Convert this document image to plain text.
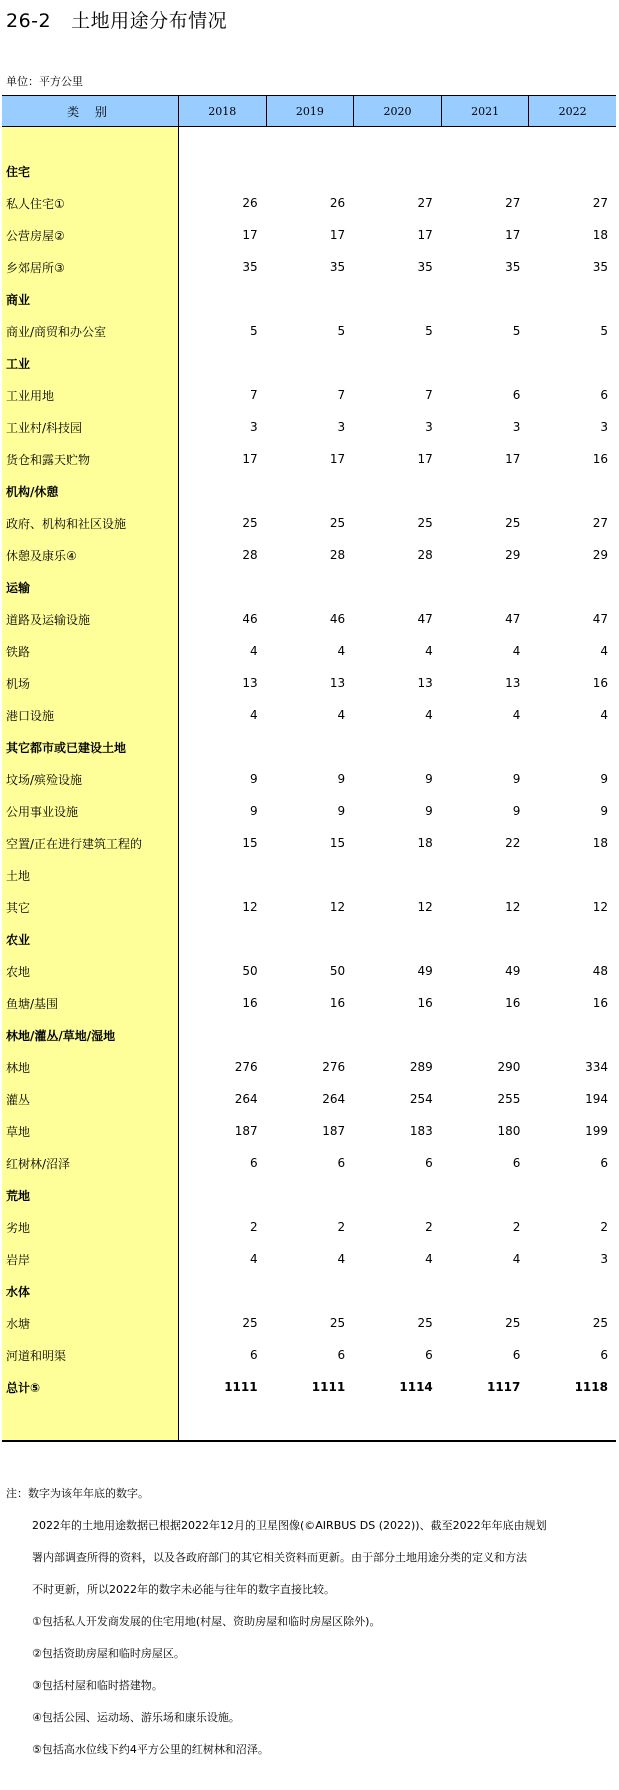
26-2 土地用途分布情况
单位：平方公里
类 别	2018	2019	2020	2021	2022
住宅
私人住宅①	26	26	27	27	27
公营房屋②	17	17	17	17	18
乡郊居所③	35	35	35	35	35
商业
商业/商贸和办公室	5	5	5	5	5
工业
工业用地	7	7	7	6	6
工业村/科技园	3	3	3	3	3
货仓和露天贮物	17	17	17	17	16
机构/休憩
政府、机构和社区设施	25	25	25	25	27
休憩及康乐④	28	28	28	29	29
运输
道路及运输设施	46	46	47	47	47
铁路	4	4	4	4	4
机场	13	13	13	13	16
港口设施	4	4	4	4	4
其它都市或已建设土地
坟场/殡殓设施	9	9	9	9	9
公用事业设施	9	9	9	9	9
空置/正在进行建筑工程的	15	15	18	22	18
土地
其它	12	12	12	12	12
农业
农地	50	50	49	49	48
鱼塘/基围	16	16	16	16	16
林地/灌丛/草地/湿地
林地	276	276	289	290	334
灌丛	264	264	254	255	194
草地	187	187	183	180	199
红树林/沼泽	6	6	6	6	6
荒地
劣地	2	2	2	2	2
岩岸	4	4	4	4	3
水体
水塘	25	25	25	25	25
河道和明渠	6	6	6	6	6
总计⑤	1111	1111	1114	1117	1118
注：数字为该年年底的数字。
2022年的土地用途数据已根据2022年12月的卫星图像(©AIRBUS DS (2022))、截至2022年年底由规划
署内部调查所得的资料，以及各政府部门的其它相关资料而更新。由于部分土地用途分类的定义和方法
不时更新，所以2022年的数字未必能与往年的数字直接比较。
①包括私人开发商发展的住宅用地(村屋、资助房屋和临时房屋区除外)。
②包括资助房屋和临时房屋区。
③包括村屋和临时搭建物。
④包括公园、运动场、游乐场和康乐设施。
⑤包括高水位线下约4平方公里的红树林和沼泽。
